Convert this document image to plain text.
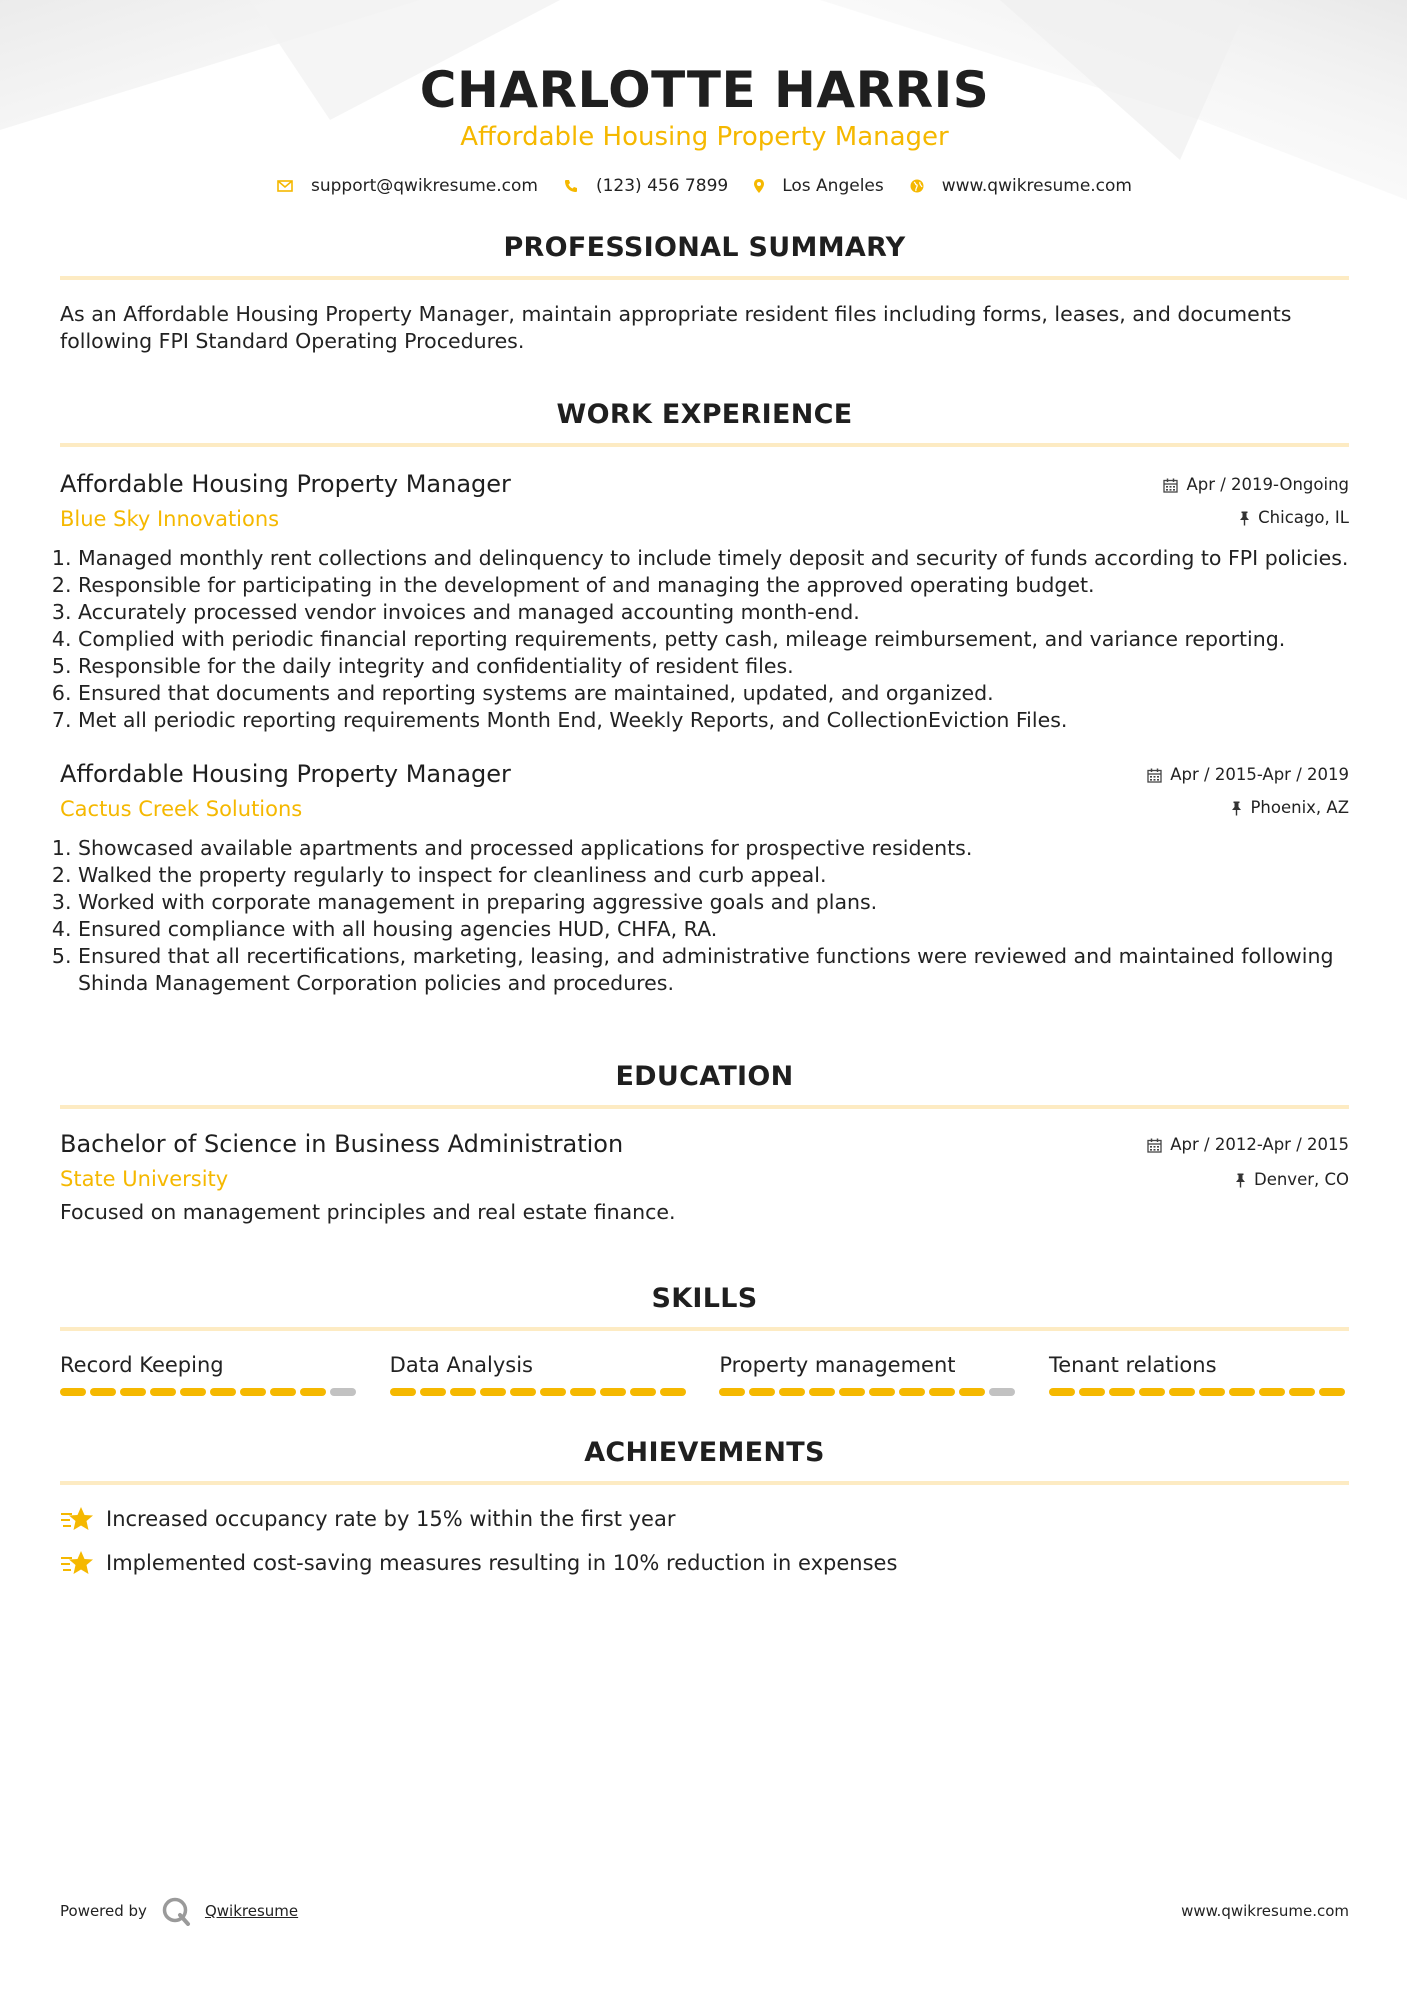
CHARLOTTE HARRIS
Affordable Housing Property Manager
support@qwikresume.com	(123) 456 7899	Los Angeles	www.qwikresume.com
PROFESSIONAL SUMMARY
As an Affordable Housing Property Manager, maintain appropriate resident files including forms, leases, and documents following FPI Standard Operating Procedures.
WORK EXPERIENCE
Affordable Housing Property Manager
Blue Sky Innovations
Apr / 2019-Ongoing
Chicago, IL
1. Managed monthly rent collections and delinquency to include timely deposit and security of funds according to FPI policies.
2. Responsible for participating in the development of and managing the approved operating budget.
3. Accurately processed vendor invoices and managed accounting month-end.
4. Complied with periodic financial reporting requirements, petty cash, mileage reimbursement, and variance reporting.
5. Responsible for the daily integrity and confidentiality of resident files.
6. Ensured that documents and reporting systems are maintained, updated, and organized.
7. Met all periodic reporting requirements Month End, Weekly Reports, and CollectionEviction Files.
Affordable Housing Property Manager
Cactus Creek Solutions
Apr / 2015-Apr / 2019
Phoenix, AZ
1. Showcased available apartments and processed applications for prospective residents.
2. Walked the property regularly to inspect for cleanliness and curb appeal.
3. Worked with corporate management in preparing aggressive goals and plans.
4. Ensured compliance with all housing agencies HUD, CHFA, RA.
5. Ensured that all recertifications, marketing, leasing, and administrative functions were reviewed and maintained following Shinda Management Corporation policies and procedures.
EDUCATION
Bachelor of Science in Business Administration
State University
Apr / 2012-Apr / 2015
Denver, CO
Focused on management principles and real estate finance.
SKILLS
Record Keeping	Data Analysis	Property management	Tenant relations
ACHIEVEMENTS
Increased occupancy rate by 15% within the first year
Implemented cost-saving measures resulting in 10% reduction in expenses
Powered by	Qwikresume	www.qwikresume.com
